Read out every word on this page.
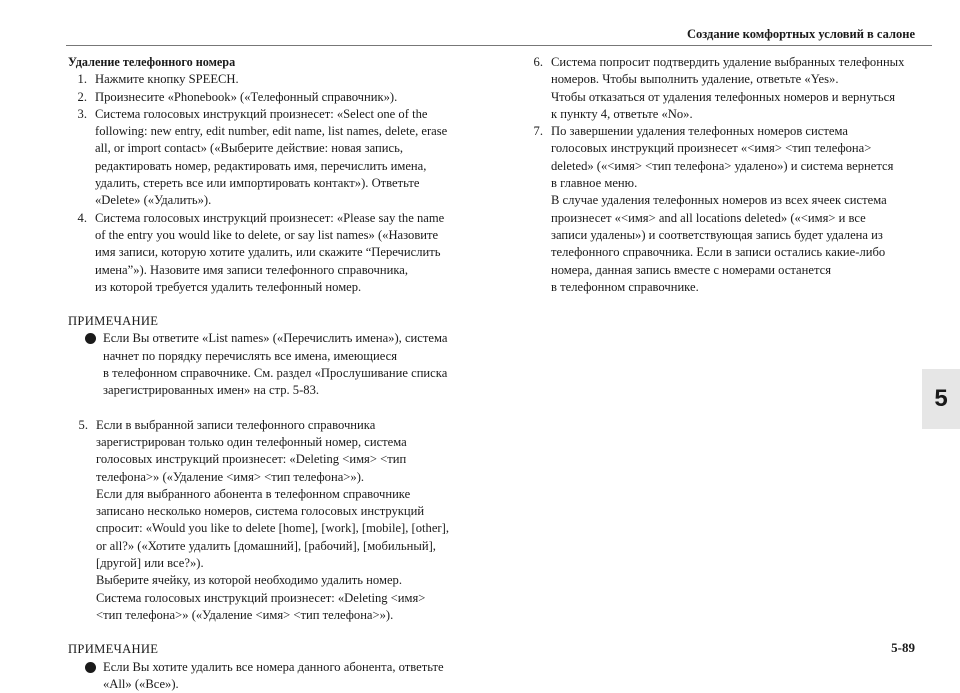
Создание комфортных условий в салоне
Удаление телефонного номера
1. Нажмите кнопку SPEECH.

2. Произнесите «Phonebook» («Телефонный справочник»).

3. Система голосовых инструкций произнесет: «Select one of the

following: new entry, edit number, edit name, list names, delete, erase

all, or import contact» («Выберите действие: новая запись,

редактировать номер, редактировать имя, перечислить имена,

удалить, стереть все или импортировать контакт»). Ответьте

«Delete» («Удалить»).

4. Система голосовых инструкций произнесет: «Please say the name

of the entry you would like to delete, or say list names» («Назовите

имя записи, которую хотите удалить, или скажите “Перечислить

имена”»). Назовите имя записи телефонного справочника,

из которой требуется удалить телефонный номер.

ПРИМЕЧАНИЕ

Если Вы ответите «List names» («Перечислить имена»), система

начнет по порядку перечислять все имена, имеющиеся

в телефонном справочнике. См. раздел «Прослушивание списка

зарегистрированных имен» на стр. 5-83.

5. Если в выбранной записи телефонного справочника

зарегистрирован только один телефонный номер, система

голосовых инструкций произнесет: «Deleting <имя> <тип

телефона>» («Удаление <имя> <тип телефона>»).

Если для выбранного абонента в телефонном справочнике

записано несколько номеров, система голосовых инструкций

спросит: «Would you like to delete [home], [work], [mobile], [other],

or all?» («Хотите удалить [домашний], [рабочий], [мобильный],

[другой] или все?»).

Выберите ячейку, из которой необходимо удалить номер.

Система голосовых инструкций произнесет: «Deleting <имя>

<тип телефона>» («Удаление <имя> <тип телефона>»).

ПРИМЕЧАНИЕ

Если Вы хотите удалить все номера данного абонента, ответьте

«All» («Все»).

6. Система попросит подтвердить удаление выбранных телефонных

номеров. Чтобы выполнить удаление, ответьте «Yes».

Чтобы отказаться от удаления телефонных номеров и вернуться

к пункту 4, ответьте «No».

7. По завершении удаления телефонных номеров система

голосовых инструкций произнесет «<имя> <тип телефона>

deleted» («<имя> <тип телефона> удалено») и система вернется

в главное меню.

В случае удаления телефонных номеров из всех ячеек система

произнесет «<имя> and all locations deleted» («<имя> и все

записи удалены») и соответствующая запись будет удалена из

телефонного справочника. Если в записи остались какие-либо

номера, данная запись вместе с номерами останется

в телефонном справочнике.

5
5-89
